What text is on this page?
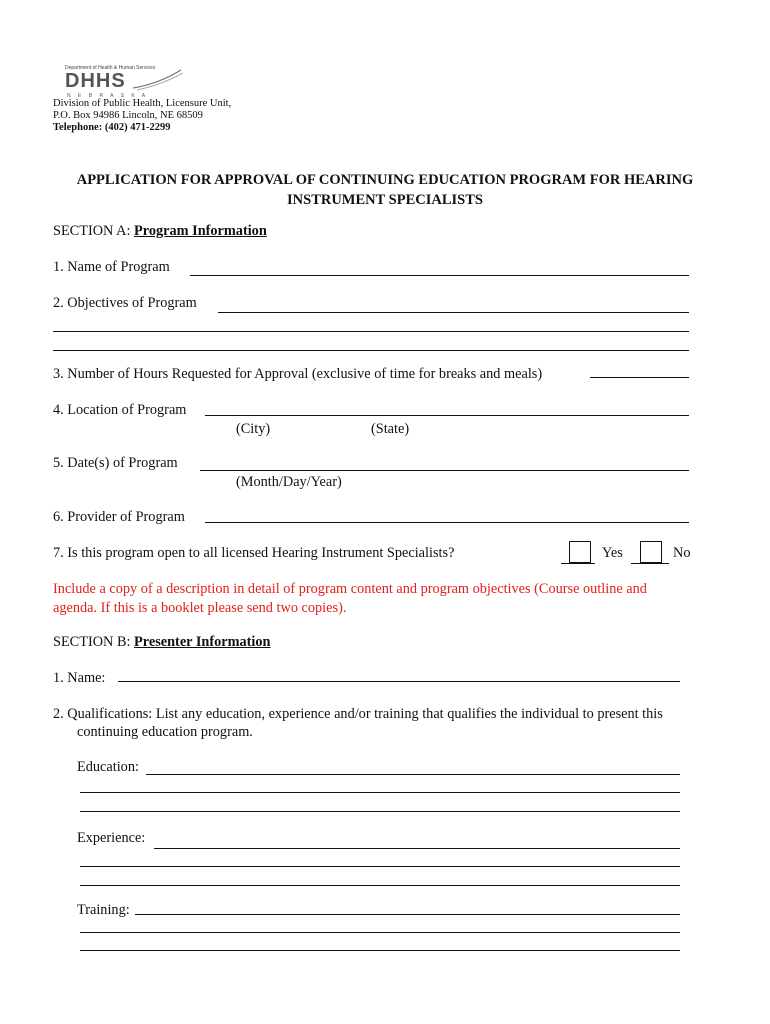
Department of Health & Human Services
DHHS
N E B R A S K A
Division of Public Health, Licensure Unit,
P.O. Box 94986 Lincoln, NE 68509
Telephone: (402) 471-2299
APPLICATION FOR APPROVAL OF CONTINUING EDUCATION PROGRAM FOR HEARING
INSTRUMENT SPECIALISTS
SECTION A: Program Information
1. Name of Program
2. Objectives of Program
3. Number of Hours Requested for Approval (exclusive of time for breaks and meals)
4. Location of Program
(City)	(State)
5. Date(s) of Program
(Month/Day/Year)
6. Provider of Program
7. Is this program open to all licensed Hearing Instrument Specialists?	Yes	No
Include a copy of a description in detail of program content and program objectives (Course outline and
agenda. If this is a booklet please send two copies).
SECTION B: Presenter Information
1. Name:
2. Qualifications: List any education, experience and/or training that qualifies the individual to present this
continuing education program.
Education:
Experience:
Training:
